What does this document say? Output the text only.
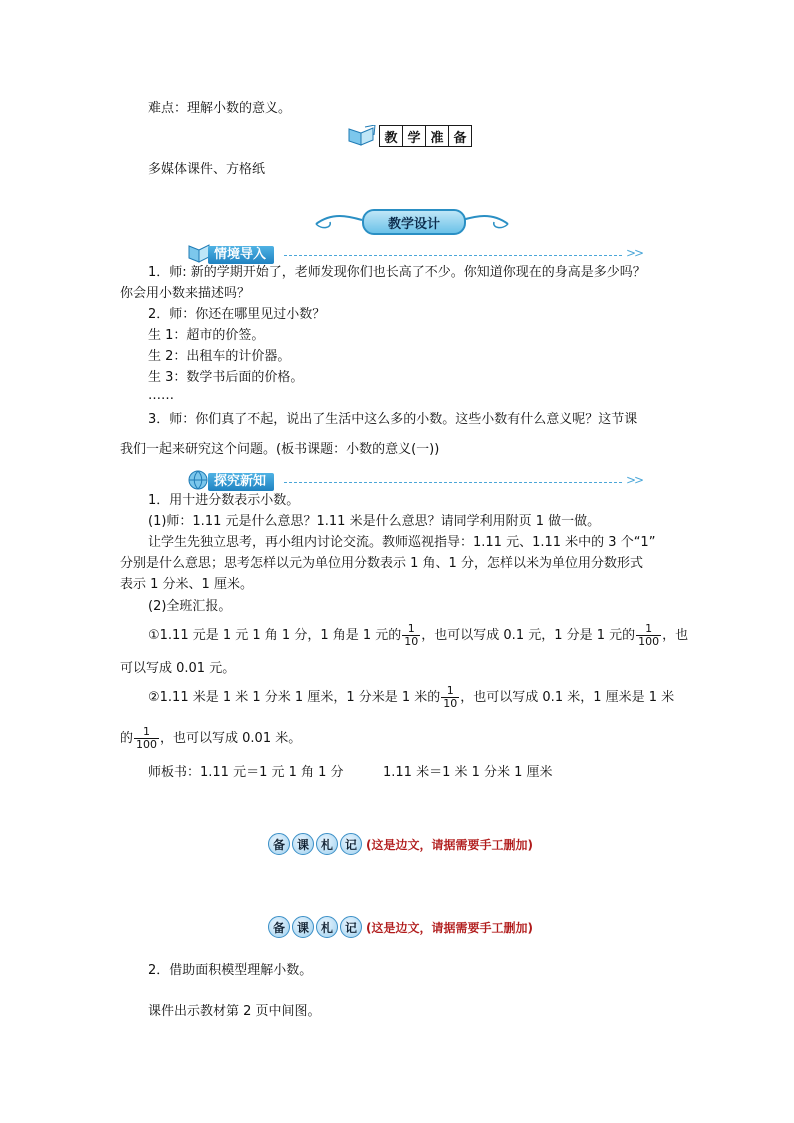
难点：理解小数的意义。
教 学 准 备
多媒体课件、方格纸
教学设计
情境导入	>>
1．师: 新的学期开始了，老师发现你们也长高了不少。你知道你现在的身高是多少吗？
你会用小数来描述吗？
2．师：你还在哪里见过小数？
生 1：超市的价签。
生 2：出租车的计价器。
生 3：数学书后面的价格。
……
3．师：你们真了不起，说出了生活中这么多的小数。这些小数有什么意义呢？这节课
我们一起来研究这个问题。(板书课题：小数的意义(一))
探究新知	>>
1．用十进分数表示小数。
(1)师：1.11 元是什么意思？1.11 米是什么意思？请同学利用附页 1 做一做。
让学生先独立思考，再小组内讨论交流。教师巡视指导：1.11 元、1.11 米中的 3 个“1”
分别是什么意思；思考怎样以元为单位用分数表示 1 角、1 分，怎样以米为单位用分数形式
表示 1 分米、1 厘米。
(2)全班汇报。
①1.11 元是 1 元 1 角 1 分，1 角是 1 元的 $\frac{1}{10}$ ，也可以写成 0.1 元，1 分是 1 元的 $\frac{1}{100}$ ，也
可以写成 0.01 元。
②1.11 米是 1 米 1 分米 1 厘米，1 分米是 1 米的 $\frac{1}{10}$ ，也可以写成 0.1 米，1 厘米是 1 米
的 $\frac{1}{100}$ ，也可以写成 0.01 米。
师板书：1.11 元＝1 元 1 角 1 分	1.11 米＝1 米 1 分米 1 厘米
备 课 札 记 (这是边文，请据需要手工删加)
备 课 札 记 (这是边文，请据需要手工删加)
2．借助面积模型理解小数。
课件出示教材第 2 页中间图。
